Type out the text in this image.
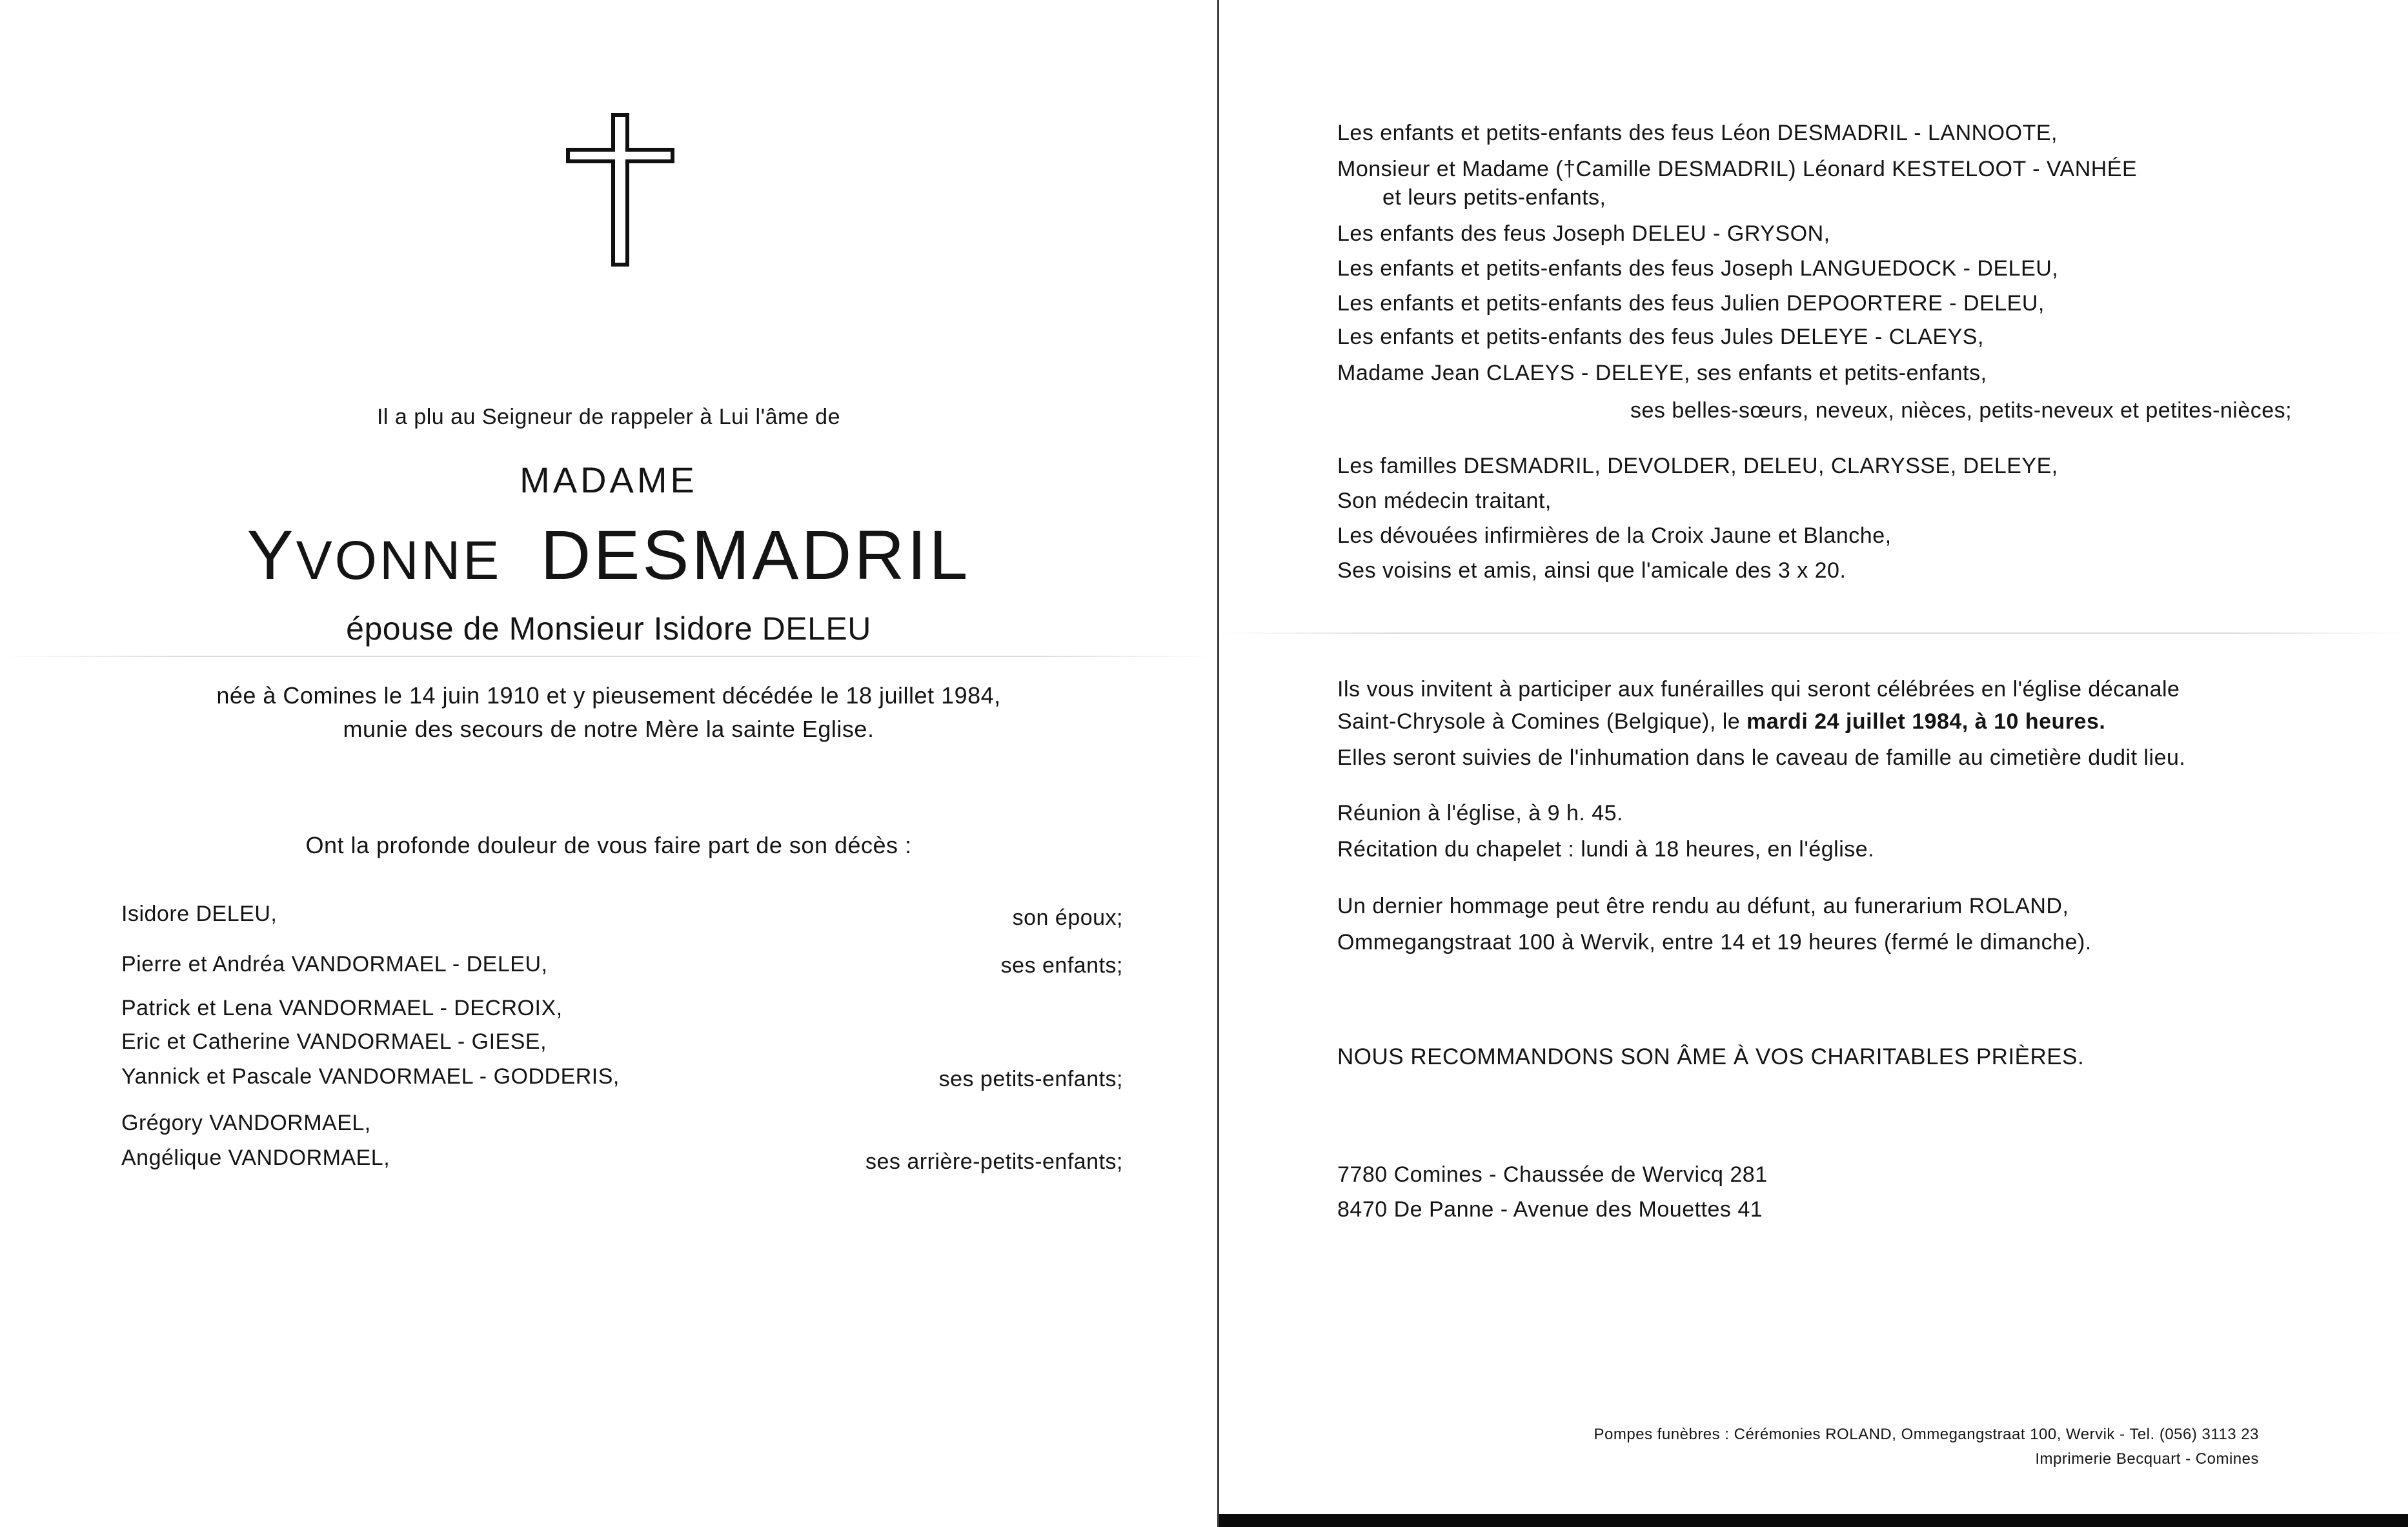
Il a plu au Seigneur de rappeler à Lui l'âme de
MADAME
YVONNE DESMADRIL
épouse de Monsieur Isidore DELEU
née à Comines le 14 juin 1910 et y pieusement décédée le 18 juillet 1984,
munie des secours de notre Mère la sainte Eglise.
Ont la profonde douleur de vous faire part de son décès :
Isidore DELEU,	son époux;
Pierre et Andréa VANDORMAEL - DELEU,	ses enfants;
Patrick et Lena VANDORMAEL - DECROIX,
Eric et Catherine VANDORMAEL - GIESE,
Yannick et Pascale VANDORMAEL - GODDERIS,	ses petits-enfants;
Grégory VANDORMAEL,
Angélique VANDORMAEL,	ses arrière-petits-enfants;
Les enfants et petits-enfants des feus Léon DESMADRIL - LANNOOTE,
Monsieur et Madame (†Camille DESMADRIL) Léonard KESTELOOT - VANHÉE
et leurs petits-enfants,
Les enfants des feus Joseph DELEU - GRYSON,
Les enfants et petits-enfants des feus Joseph LANGUEDOCK - DELEU,
Les enfants et petits-enfants des feus Julien DEPOORTERE - DELEU,
Les enfants et petits-enfants des feus Jules DELEYE - CLAEYS,
Madame Jean CLAEYS - DELEYE, ses enfants et petits-enfants,
ses belles-sœurs, neveux, nièces, petits-neveux et petites-nièces;
Les familles DESMADRIL, DEVOLDER, DELEU, CLARYSSE, DELEYE,
Son médecin traitant,
Les dévouées infirmières de la Croix Jaune et Blanche,
Ses voisins et amis, ainsi que l'amicale des 3 x 20.
Ils vous invitent à participer aux funérailles qui seront célébrées en l'église décanale
Saint-Chrysole à Comines (Belgique), le mardi 24 juillet 1984, à 10 heures.
Elles seront suivies de l'inhumation dans le caveau de famille au cimetière dudit lieu.
Réunion à l'église, à 9 h. 45.
Récitation du chapelet : lundi à 18 heures, en l'église.
Un dernier hommage peut être rendu au défunt, au funerarium ROLAND,
Ommegangstraat 100 à Wervik, entre 14 et 19 heures (fermé le dimanche).
NOUS RECOMMANDONS SON ÂME À VOS CHARITABLES PRIÈRES.
7780 Comines - Chaussée de Wervicq 281
8470 De Panne - Avenue des Mouettes 41
Pompes funèbres : Cérémonies ROLAND, Ommegangstraat 100, Wervik - Tel. (056) 3113 23
Imprimerie Becquart - Comines
